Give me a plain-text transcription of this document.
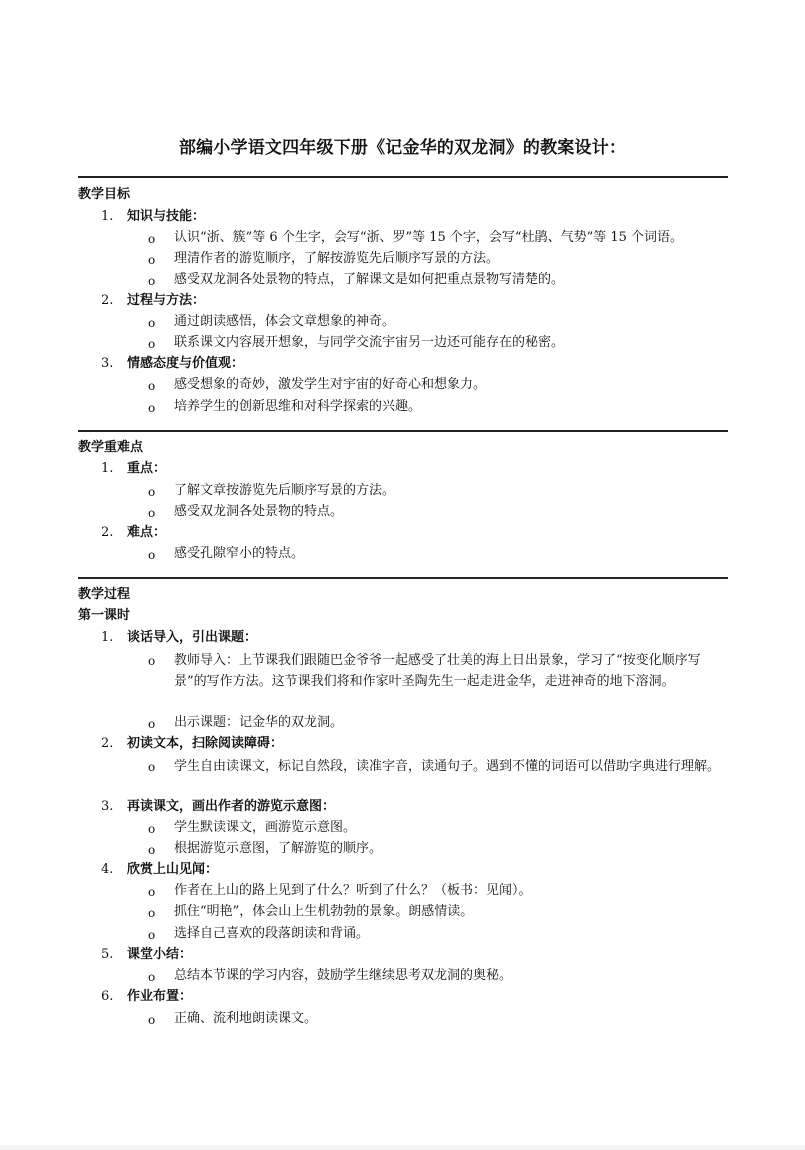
部编小学语文四年级下册《记金华的双龙洞》的教案设计：
教学目标
1. 知识与技能：
o 认识“浙、簇”等 6 个生字，会写“浙、罗”等 15 个字，会写“杜鹃、气势”等 15 个词语。
o 理清作者的游览顺序，了解按游览先后顺序写景的方法。
o 感受双龙洞各处景物的特点，了解课文是如何把重点景物写清楚的。
2. 过程与方法：
o 通过朗读感悟，体会文章想象的神奇。
o 联系课文内容展开想象，与同学交流宇宙另一边还可能存在的秘密。
3. 情感态度与价值观：
o 感受想象的奇妙，激发学生对宇宙的好奇心和想象力。
o 培养学生的创新思维和对科学探索的兴趣。
教学重难点
1. 重点：
o 了解文章按游览先后顺序写景的方法。
o 感受双龙洞各处景物的特点。
2. 难点：
o 感受孔隙窄小的特点。
教学过程
第一课时
1. 谈话导入，引出课题：
o 教师导入：上节课我们跟随巴金爷爷一起感受了壮美的海上日出景象，学习了“按变化顺序写景”的写作方法。这节课我们将和作家叶圣陶先生一起走进金华，走进神奇的地下溶洞。
o 出示课题：记金华的双龙洞。
2. 初读文本，扫除阅读障碍：
o 学生自由读课文，标记自然段，读准字音，读通句子。遇到不懂的词语可以借助字典进行理解。
3. 再读课文，画出作者的游览示意图：
o 学生默读课文，画游览示意图。
o 根据游览示意图，了解游览的顺序。
4. 欣赏上山见闻：
o 作者在上山的路上见到了什么？听到了什么？（板书：见闻）。
o 抓住“明艳”，体会山上生机勃勃的景象。朗感情读。
o 选择自己喜欢的段落朗读和背诵。
5. 课堂小结：
o 总结本节课的学习内容，鼓励学生继续思考双龙洞的奥秘。
6. 作业布置：
o 正确、流利地朗读课文。
